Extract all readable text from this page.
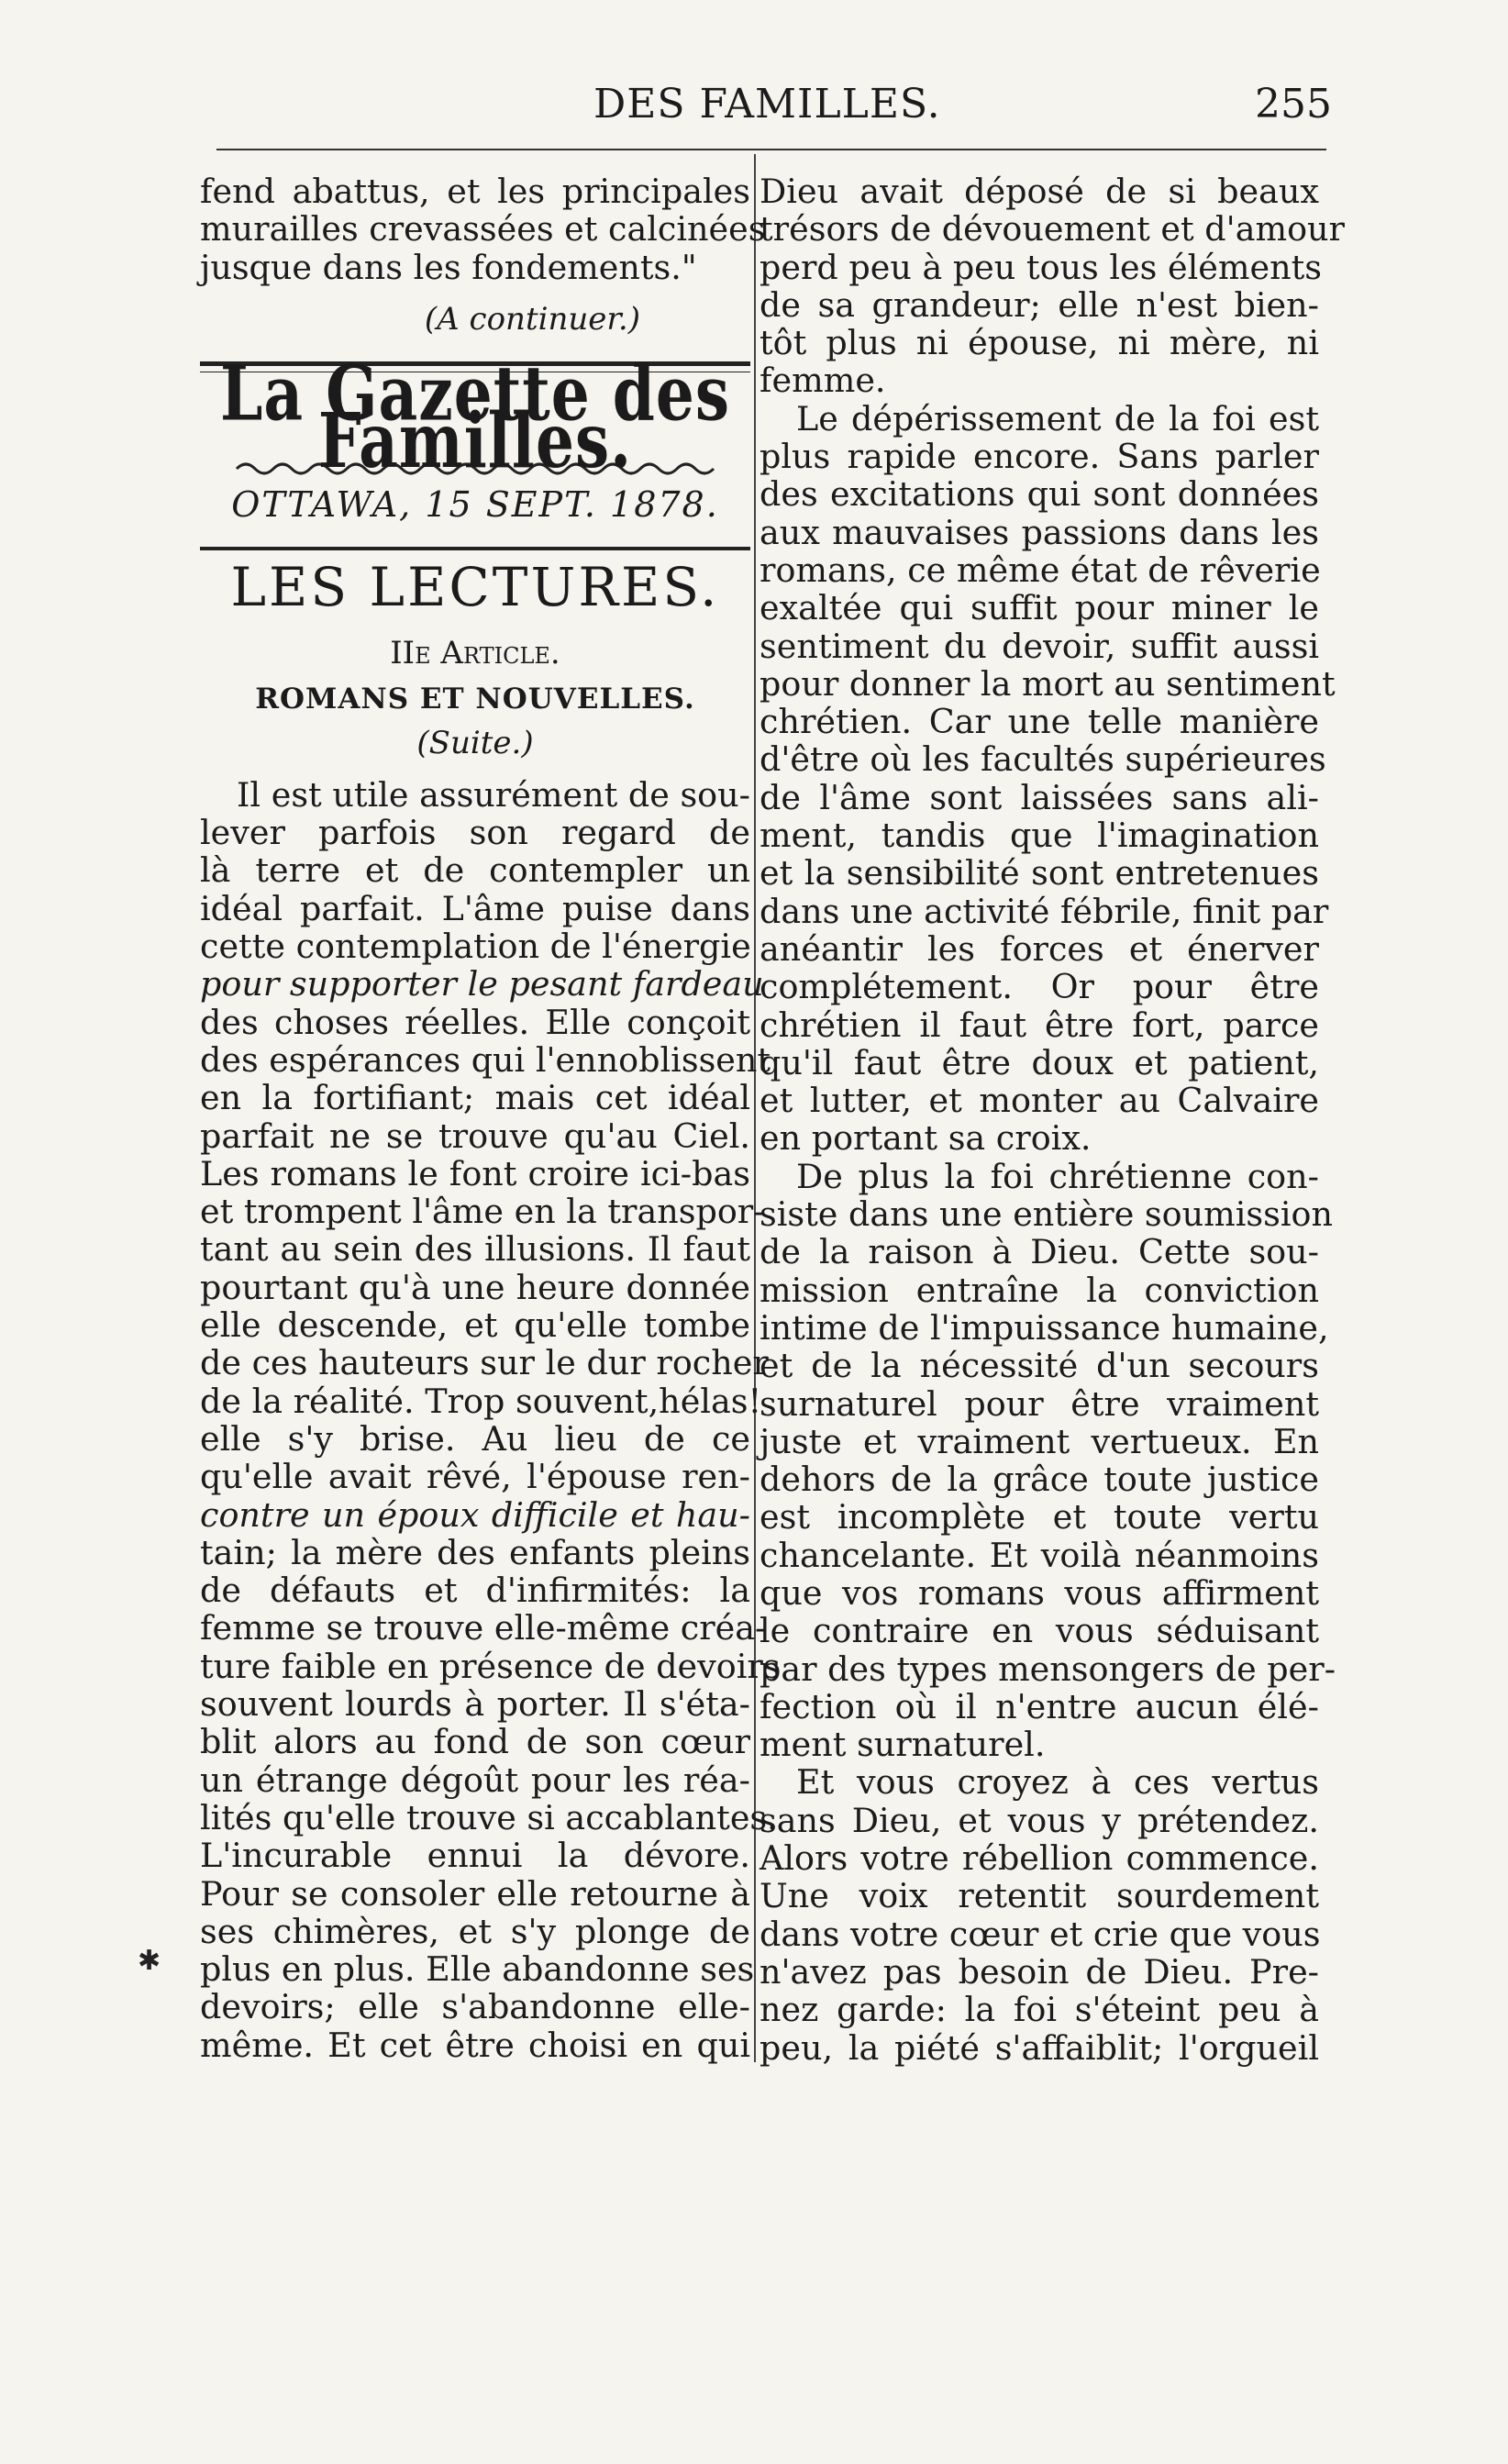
DES FAMILLES.	255
fend abattus, et les principales
murailles crevassées et calcinées
jusque dans les fondements."
(A continuer.)
La Gazette des Familles.
OTTAWA, 15 SEPT. 1878.
LES LECTURES.
IIe Article.
ROMANS ET NOUVELLES.
(Suite.)
Il est utile assurément de sou-
lever parfois son regard de
là terre et de contempler un
idéal parfait. L'âme puise dans
cette contemplation de l'énergie
pour supporter le pesant fardeau
des choses réelles. Elle conçoit
des espérances qui l'ennoblissent
en la fortifiant; mais cet idéal
parfait ne se trouve qu'au Ciel.
Les romans le font croire ici-bas
et trompent l'âme en la transpor-
tant au sein des illusions. Il faut
pourtant qu'à une heure donnée
elle descende, et qu'elle tombe
de ces hauteurs sur le dur rocher
de la réalité. Trop souvent,hélas!
elle s'y brise. Au lieu de ce
qu'elle avait rêvé, l'épouse ren-
contre un époux difficile et hau-
tain; la mère des enfants pleins
de défauts et d'infirmités: la
femme se trouve elle-même créa-
ture faible en présence de devoirs
souvent lourds à porter. Il s'éta-
blit alors au fond de son cœur
un étrange dégoût pour les réa-
lités qu'elle trouve si accablantes.
L'incurable ennui la dévore.
Pour se consoler elle retourne à
ses chimères, et s'y plonge de
plus en plus. Elle abandonne ses
devoirs; elle s'abandonne elle-
même. Et cet être choisi en qui
Dieu avait déposé de si beaux
trésors de dévouement et d'amour
perd peu à peu tous les éléments
de sa grandeur; elle n'est bien-
tôt plus ni épouse, ni mère, ni
femme.
Le dépérissement de la foi est
plus rapide encore. Sans parler
des excitations qui sont données
aux mauvaises passions dans les
romans, ce même état de rêverie
exaltée qui suffit pour miner le
sentiment du devoir, suffit aussi
pour donner la mort au sentiment
chrétien. Car une telle manière
d'être où les facultés supérieures
de l'âme sont laissées sans ali-
ment, tandis que l'imagination
et la sensibilité sont entretenues
dans une activité fébrile, finit par
anéantir les forces et énerver
complétement. Or pour être
chrétien il faut être fort, parce
qu'il faut être doux et patient,
et lutter, et monter au Calvaire
en portant sa croix.
De plus la foi chrétienne con-
siste dans une entière soumission
de la raison à Dieu. Cette sou-
mission entraîne la conviction
intime de l'impuissance humaine,
et de la nécessité d'un secours
surnaturel pour être vraiment
juste et vraiment vertueux. En
dehors de la grâce toute justice
est incomplète et toute vertu
chancelante. Et voilà néanmoins
que vos romans vous affirment
le contraire en vous séduisant
par des types mensongers de per-
fection où il n'entre aucun élé-
ment surnaturel.
Et vous croyez à ces vertus
sans Dieu, et vous y prétendez.
Alors votre rébellion commence.
Une voix retentit sourdement
dans votre cœur et crie que vous
n'avez pas besoin de Dieu. Pre-
nez garde: la foi s'éteint peu à
peu, la piété s'affaiblit; l'orgueil
✱
